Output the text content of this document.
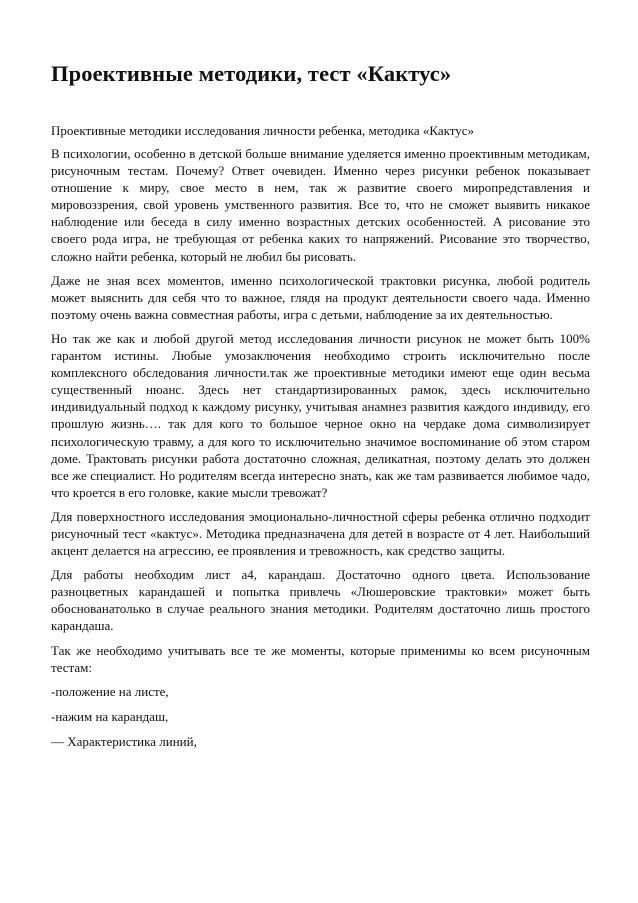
Проективные методики, тест «Кактус»

Проективные методики исследования личности ребенка, методика «Кактус»

В психологии, особенно в детской больше внимание уделяется именно проективным методикам, рисуночным тестам. Почему? Ответ очевиден. Именно через рисунки ребенок показывает отношение к миру, свое место в нем, так ж развитие своего миропредставления и мировоззрения, свой уровень умственного развития. Все то, что не сможет выявить никакое наблюдение или беседа в силу именно возрастных детских особенностей. А рисование это своего рода игра, не требующая от ребенка каких то напряжений. Рисование это творчество, сложно найти ребенка, который не любил бы рисовать.

Даже не зная всех моментов, именно психологической трактовки рисунка, любой родитель может выяснить для себя что то важное, глядя на продукт деятельности своего чада. Именно поэтому очень важна совместная работы, игра с детьми, наблюдение за их деятельностью.

Но так же как и любой другой метод исследования личности рисунок не может быть 100% гарантом истины. Любые умозаключения необходимо строить исключительно после комплексного обследования личности.так же проективные методики имеют еще один весьма существенный нюанс. Здесь нет стандартизированных рамок, здесь исключительно индивидуальный подход к каждому рисунку, учитывая анамнез развития каждого индивиду, его прошлую жизнь…. так для кого то большое черное окно на чердаке дома символизирует психологическую травму, а для кого то исключительно значимое воспоминание об этом старом доме. Трактовать рисунки работа достаточно сложная, деликатная, поэтому делать это должен все же специалист. Но родителям всегда интересно знать, как же там развивается любимое чадо, что кроется в его головке, какие мысли тревожат?

Для поверхностного исследования эмоционально-личностной сферы ребенка отлично подходит рисуночный тест «кактус». Методика предназначена для детей в возрасте от 4 лет. Наибольший акцент делается на агрессию, ее проявления и тревожность, как средство защиты.

Для работы необходим лист а4, карандаш. Достаточно одного цвета. Использование разноцветных карандашей и попытка привлечь «Люшеровские трактовки» может быть обоснованатолько в случае реального знания методики. Родителям достаточно лишь простого карандаша.

Так же необходимо учитывать все те же моменты, которые применимы ко всем рисуночным тестам:

-положение на листе,

-нажим на карандаш,

— Характеристика линий,
